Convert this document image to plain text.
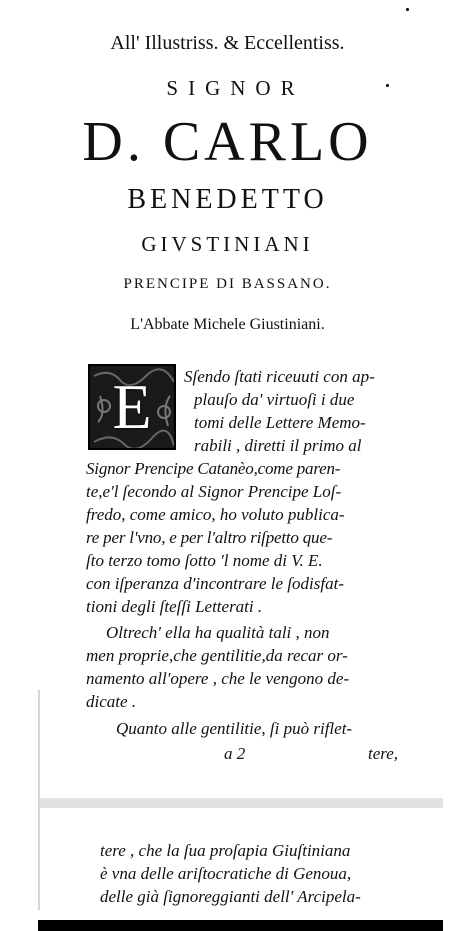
All' Illustriss. & Eccellentiss.
SIGNOR
D. CARLO
BENEDETTO
GIVSTINIANI
PRENCIPE DI BASSANO.
L'Abbate Michele Giustiniani.
E Sſendo ſtati riceuuti con ap-
plauſo da' virtuoſi i due
tomi delle Lettere Memo-
rabili , diretti il primo al
Signor Prencipe Catanèo,come paren-
te,e'l ſecondo al Signor Prencipe Loſ-
fredo, come amico, ho voluto publica-
re per l'vno, e per l'altro riſpetto que-
ſto terzo tomo ſotto 'l nome di V. E.
con iſperanza d'incontrare le ſodisfat-
tioni degli ſteſſi Letterati .
Oltrech' ella ha qualità tali , non
men proprie,che gentilitie,da recar or-
namento all'opere , che le vengono de-
dicate .
Quanto alle gentilitie, ſi può riflet-
a 2	tere,
tere , che la ſua proſapia Giuſtiniana
è vna delle ariſtocratiche di Genoua,
delle già ſignoreggianti dell' Arcipela-
